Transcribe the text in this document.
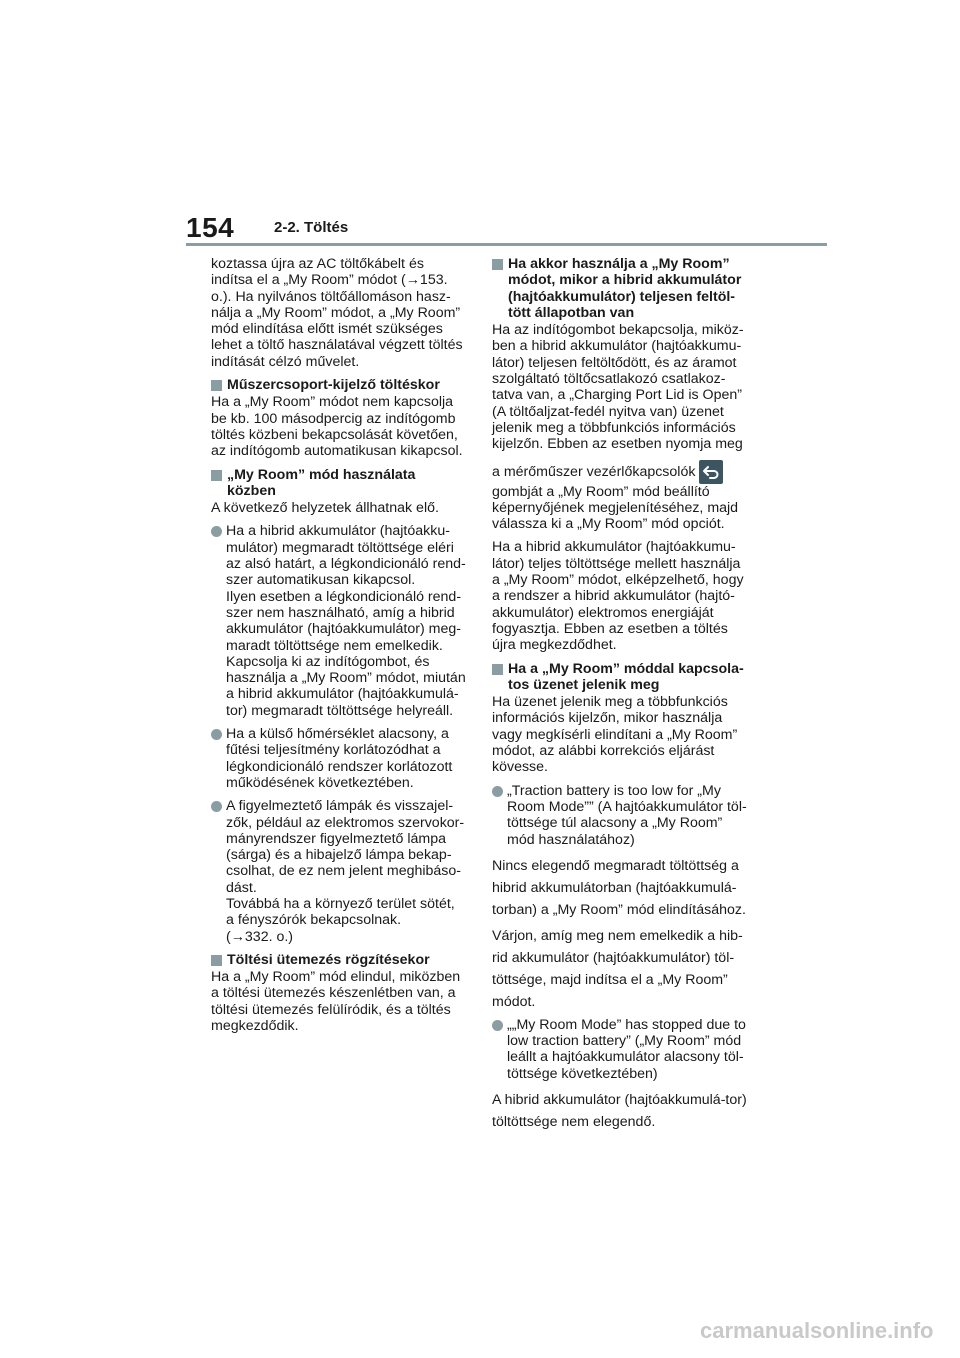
154	2-2. Töltés

koztassa újra az AC töltőkábelt és indítsa el a „My Room” módot (→153. o.). Ha nyilvános töltőállomáson hasz-nálja a „My Room” módot, a „My Room” mód elindítása előtt ismét szükséges lehet a töltő használatával végzett töltés indítását célzó művelet.

Műszercsoport-kijelző töltéskor

Ha a „My Room” módot nem kapcsolja be kb. 100 másodpercig az indítógomb töltés közbeni bekapcsolását követően, az indítógomb automatikusan kikapcsol.

„My Room” mód használata közben

A következő helyzetek állhatnak elő.

Ha a hibrid akkumulátor (hajtóakku-mulátor) megmaradt töltöttsége eléri az alsó határt, a légkondicionáló rend-szer automatikusan kikapcsol.
Ilyen esetben a légkondicionáló rend-szer nem használható, amíg a hibrid akkumulátor (hajtóakkumulátor) meg-maradt töltöttsége nem emelkedik. Kapcsolja ki az indítógombot, és használja a „My Room” módot, miután a hibrid akkumulátor (hajtóakkumulá-tor) megmaradt töltöttsége helyreáll.
Ha a külső hőmérséklet alacsony, a fűtési teljesítmény korlátozódhat a légkondicionáló rendszer korlátozott működésének következtében.
A figyelmeztető lámpák és visszajel-zők, például az elektromos szervokor-mányrendszer figyelmeztető lámpa (sárga) és a hibajelző lámpa bekap-csolhat, de ez nem jelent meghibáso-dást.
Továbbá ha a környező terület sötét, a fényszórók bekapcsolnak.
(→332. o.)
Töltési ütemezés rögzítésekor

Ha a „My Room” mód elindul, miközben a töltési ütemezés készenlétben van, a töltési ütemezés felülíródik, és a töltés megkezdődik.

Ha akkor használja a „My Room” módot, mikor a hibrid akkumulátor (hajtóakkumulátor) teljesen feltöl-tött állapotban van

Ha az indítógombot bekapcsolja, miköz-ben a hibrid akkumulátor (hajtóakkumu-látor) teljesen feltöltődött, és az áramot szolgáltató töltőcsatlakozó csatlakoz-tatva van, a „Charging Port Lid is Open” (A töltőaljzat-fedél nyitva van) üzenet jelenik meg a többfunkciós információs kijelzőn. Ebben az esetben nyomja meg

a mérőműszer vezérlőkapcsolók

gombját a „My Room” mód beállító képernyőjének megjelenítéséhez, majd válassza ki a „My Room” mód opciót.

Ha a hibrid akkumulátor (hajtóakkumu-látor) teljes töltöttsége mellett használja a „My Room” módot, elképzelhető, hogy a rendszer a hibrid akkumulátor (hajtó-akkumulátor) elektromos energiáját fogyasztja. Ebben az esetben a töltés újra megkezdődhet.

Ha a „My Room” móddal kapcsola-tos üzenet jelenik meg

Ha üzenet jelenik meg a többfunkciós információs kijelzőn, mikor használja vagy megkísérli elindítani a „My Room” módot, az alábbi korrekciós eljárást kövesse.

„Traction battery is too low for „My Room Mode”” (A hajtóakkumulátor töl-töttsége túl alacsony a „My Room” mód használatához)

Nincs elegendő megmaradt töltöttség a hibrid akkumulátorban (hajtóakkumulá-torban) a „My Room” mód elindításához.

Várjon, amíg meg nem emelkedik a hib-rid akkumulátor (hajtóakkumulátor) töl-töttsége, majd indítsa el a „My Room” módot.

„„My Room Mode” has stopped due to low traction battery” („My Room” mód leállt a hajtóakkumulátor alacsony töl-töttsége következtében)

A hibrid akkumulátor (hajtóakkumulá-tor) töltöttsége nem elegendő.

carmanualsonline.info
